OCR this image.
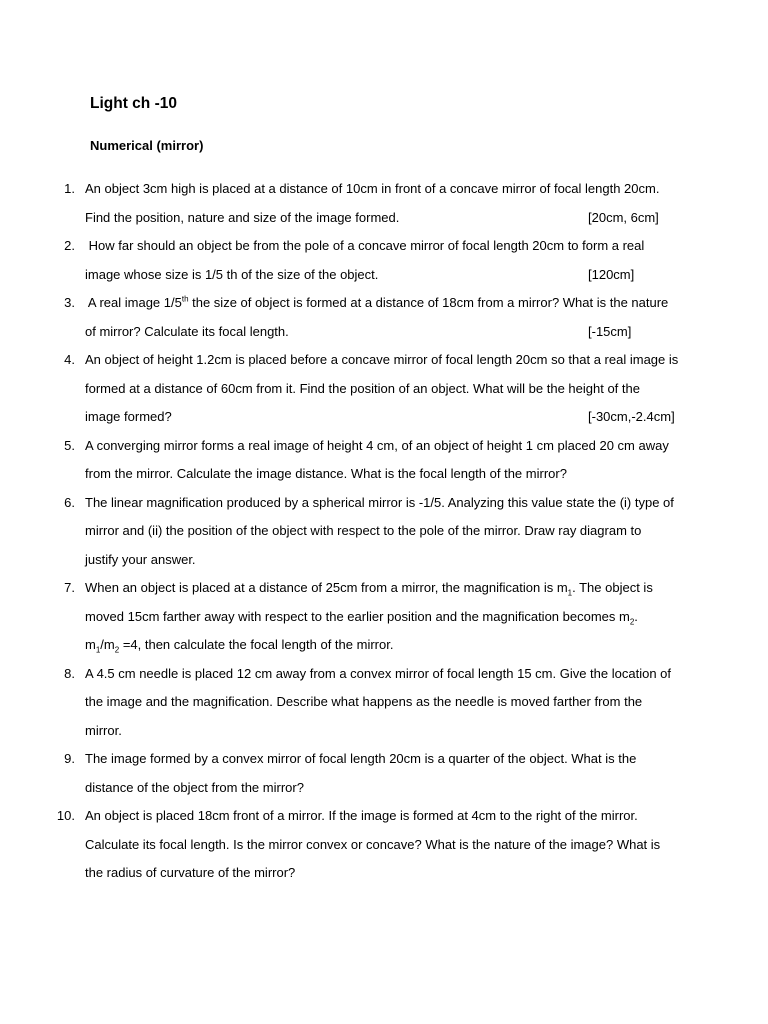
Light ch -10
Numerical (mirror)
1. An object 3cm high is placed at a distance of 10cm in front of a concave mirror of focal length 20cm.
Find the position, nature and size of the image formed.	[20cm, 6cm]
2. How far should an object be from the pole of a concave mirror of focal length 20cm to form a real
image whose size is 1/5 th of the size of the object.	[120cm]
3. A real image 1/5th the size of object is formed at a distance of 18cm from a mirror? What is the nature
of mirror? Calculate its focal length.	[-15cm]
4. An object of height 1.2cm is placed before a concave mirror of focal length 20cm so that a real image is
formed at a distance of 60cm from it. Find the position of an object. What will be the height of the
image formed?	[-30cm,-2.4cm]
5. A converging mirror forms a real image of height 4 cm, of an object of height 1 cm placed 20 cm away
from the mirror. Calculate the image distance. What is the focal length of the mirror?
6. The linear magnification produced by a spherical mirror is -1/5. Analyzing this value state the (i) type of
mirror and (ii) the position of the object with respect to the pole of the mirror. Draw ray diagram to
justify your answer.
7. When an object is placed at a distance of 25cm from a mirror, the magnification is $m_1$. The object is
moved 15cm farther away with respect to the earlier position and the magnification becomes $m_2$.
$m_1/m_2 =4$, then calculate the focal length of the mirror.
8. A 4.5 cm needle is placed 12 cm away from a convex mirror of focal length 15 cm. Give the location of
the image and the magnification. Describe what happens as the needle is moved farther from the
mirror.
9. The image formed by a convex mirror of focal length 20cm is a quarter of the object. What is the
distance of the object from the mirror?
10. An object is placed 18cm front of a mirror. If the image is formed at 4cm to the right of the mirror.
Calculate its focal length. Is the mirror convex or concave? What is the nature of the image? What is
the radius of curvature of the mirror?
